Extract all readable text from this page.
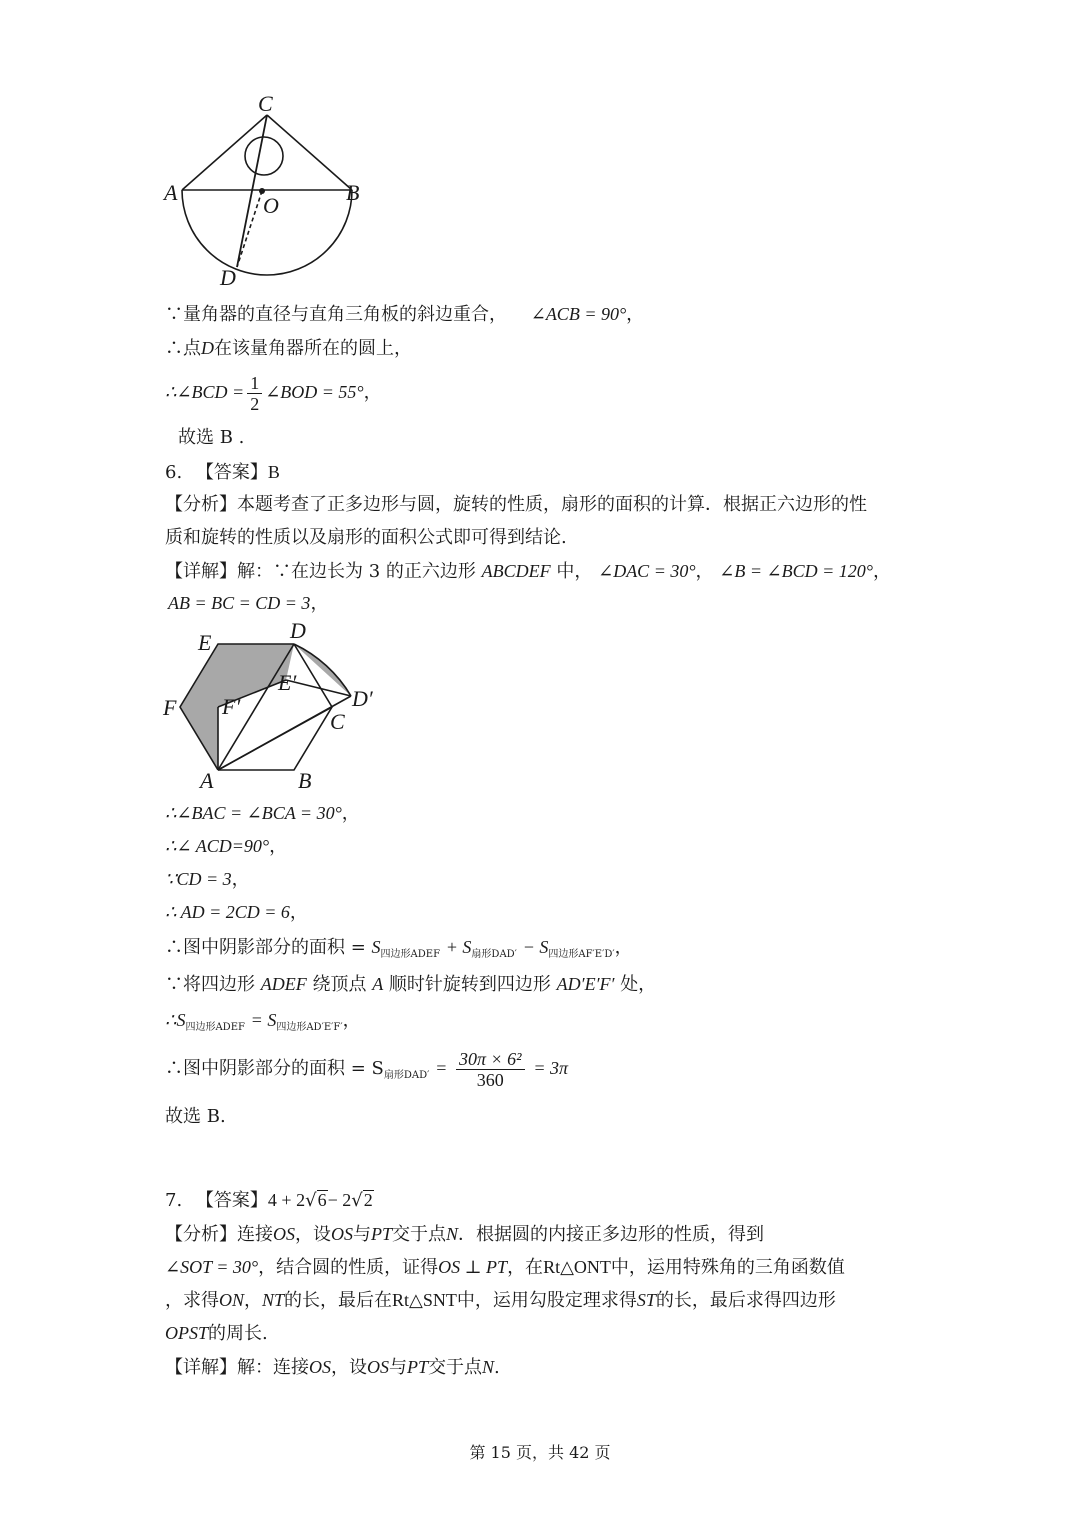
C
A	B
O
D
∵量角器的直径与直角三角板的斜边重合， ∠ACB = 90°，
∴点D在该量角器所在的圆上，
∴∠BCD = $\frac{1}{2}$ ∠BOD = 55°，
故选 B .
6. 【答案】B
【分析】本题考查了正多边形与圆，旋转的性质，扇形的面积的计算．根据正六边形的性
质和旋转的性质以及扇形的面积公式即可得到结论.
【详解】解：∵在边长为 3 的正六边形 ABCDEF 中， ∠DAC = 30°， ∠B = ∠BCD = 120°，
AB = BC = CD = 3，
E	D
E′
F F′	D′
C
A	B
∴∠BAC = ∠BCA = 30°，
∴∠ ACD=90°，
∵CD = 3，
∴ AD = 2CD = 6，
∴图中阴影部分的面积 = $S_{四边形ADEF} + S_{扇形DAD'} - S_{四边形AF'E'D'}$，
∵将四边形 ADEF 绕顶点 A 顺时针旋转到四边形 AD′E′F′ 处，
$\therefore S_{四边形ADEF} = S_{四边形AD'E'F'}$，
∴图中阴影部分的面积 = $S_{扇形DAD'} = \frac{\text{30π × 6²}}{360} = 3\pi$
故选 B.
7. 【答案】4 + 2√6− 2√2
【分析】连接OS，设OS与PT交于点N．根据圆的内接正多边形的性质，得到
∠SOT = 30°，结合圆的性质，证得OS ⊥ PT，在Rt△ONT中，运用特殊角的三角函数值
，求得ON，NT的长，最后在Rt△SNT中，运用勾股定理求得ST的长，最后求得四边形
OPST的周长.
【详解】解：连接OS，设OS与PT交于点N.
第 15 页，共 42 页
